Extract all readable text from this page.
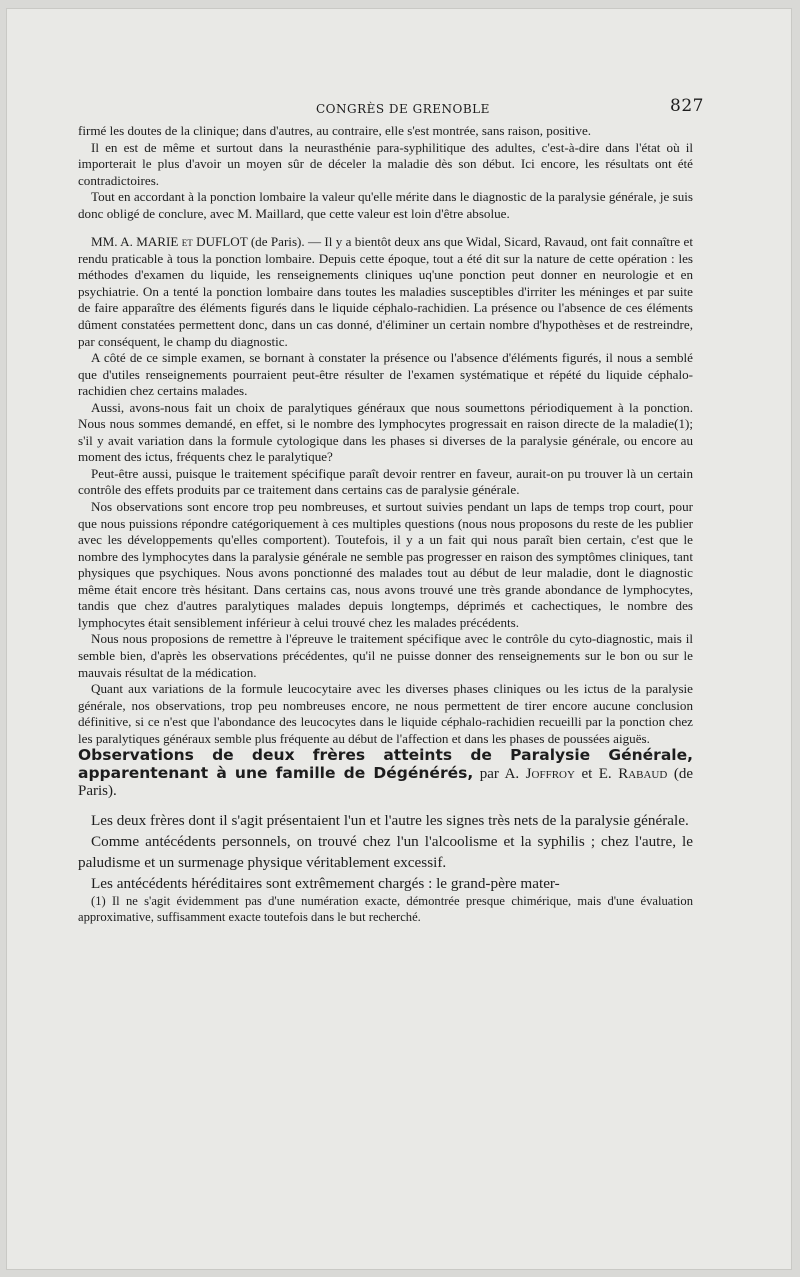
CONGRÈS DE GRENOBLE	827

firmé les doutes de la clinique; dans d'autres, au contraire, elle s'est montrée, sans raison, positive.

Il en est de même et surtout dans la neurasthénie para-syphilitique des adultes, c'est-à-dire dans l'état où il importerait le plus d'avoir un moyen sûr de déceler la maladie dès son début. Ici encore, les résultats ont été contradictoires.

Tout en accordant à la ponction lombaire la valeur qu'elle mérite dans le diagnostic de la paralysie générale, je suis donc obligé de conclure, avec M. Maillard, que cette valeur est loin d'être absolue.

MM. A. MARIE et DUFLOT (de Paris). — Il y a bientôt deux ans que Widal, Sicard, Ravaud, ont fait connaître et rendu praticable à tous la ponction lombaire. Depuis cette époque, tout a été dit sur la nature de cette opération : les méthodes d'examen du liquide, les renseignements cliniques uq'une ponction peut donner en neurologie et en psychiatrie. On a tenté la ponction lombaire dans toutes les maladies susceptibles d'irriter les méninges et par suite de faire apparaître des éléments figurés dans le liquide céphalo-rachidien. La présence ou l'absence de ces éléments dûment constatées permettent donc, dans un cas donné, d'éliminer un certain nombre d'hypothèses et de restreindre, par conséquent, le champ du diagnostic.

A côté de ce simple examen, se bornant à constater la présence ou l'absence d'éléments figurés, il nous a semblé que d'utiles renseignements pourraient peut-être résulter de l'examen systématique et répété du liquide céphalo-rachidien chez certains malades.

Aussi, avons-nous fait un choix de paralytiques généraux que nous soumettons périodiquement à la ponction. Nous nous sommes demandé, en effet, si le nombre des lymphocytes progressait en raison directe de la maladie(1); s'il y avait variation dans la formule cytologique dans les phases si diverses de la paralysie générale, ou encore au moment des ictus, fréquents chez le paralytique?

Peut-être aussi, puisque le traitement spécifique paraît devoir rentrer en faveur, aurait-on pu trouver là un certain contrôle des effets produits par ce traitement dans certains cas de paralysie générale.

Nos observations sont encore trop peu nombreuses, et surtout suivies pendant un laps de temps trop court, pour que nous puissions répondre catégoriquement à ces multiples questions (nous nous proposons du reste de les publier avec les développements qu'elles comportent). Toutefois, il y a un fait qui nous paraît bien certain, c'est que le nombre des lymphocytes dans la paralysie générale ne semble pas progresser en raison des symptômes cliniques, tant physiques que psychiques. Nous avons ponctionné des malades tout au début de leur maladie, dont le diagnostic même était encore très hésitant. Dans certains cas, nous avons trouvé une très grande abondance de lymphocytes, tandis que chez d'autres paralytiques malades depuis longtemps, déprimés et cachectiques, le nombre des lymphocytes était sensiblement inférieur à celui trouvé chez les malades précédents.

Nous nous proposions de remettre à l'épreuve le traitement spécifique avec le contrôle du cyto-diagnostic, mais il semble bien, d'après les observations précédentes, qu'il ne puisse donner des renseignements sur le bon ou sur le mauvais résultat de la médication.

Quant aux variations de la formule leucocytaire avec les diverses phases cliniques ou les ictus de la paralysie générale, nos observations, trop peu nombreuses encore, ne nous permettent de tirer encore aucune conclusion définitive, si ce n'est que l'abondance des leucocytes dans le liquide céphalo-rachidien recueilli par la ponction chez les paralytiques généraux semble plus fréquente au début de l'affection et dans les phases de poussées aiguës.

Observations de deux frères atteints de Paralysie Générale, apparentenant à une famille de Dégénérés, par A. Joffroy et E. Rabaud (de Paris).

Les deux frères dont il s'agit présentaient l'un et l'autre les signes très nets de la paralysie générale.

Comme antécédents personnels, on trouvé chez l'un l'alcoolisme et la syphilis ; chez l'autre, le paludisme et un surmenage physique véritablement excessif.

Les antécédents héréditaires sont extrêmement chargés : le grand-père mater-

(1) Il ne s'agit évidemment pas d'une numération exacte, démontrée presque chimérique, mais d'une évaluation approximative, suffisamment exacte toutefois dans le but recherché.
